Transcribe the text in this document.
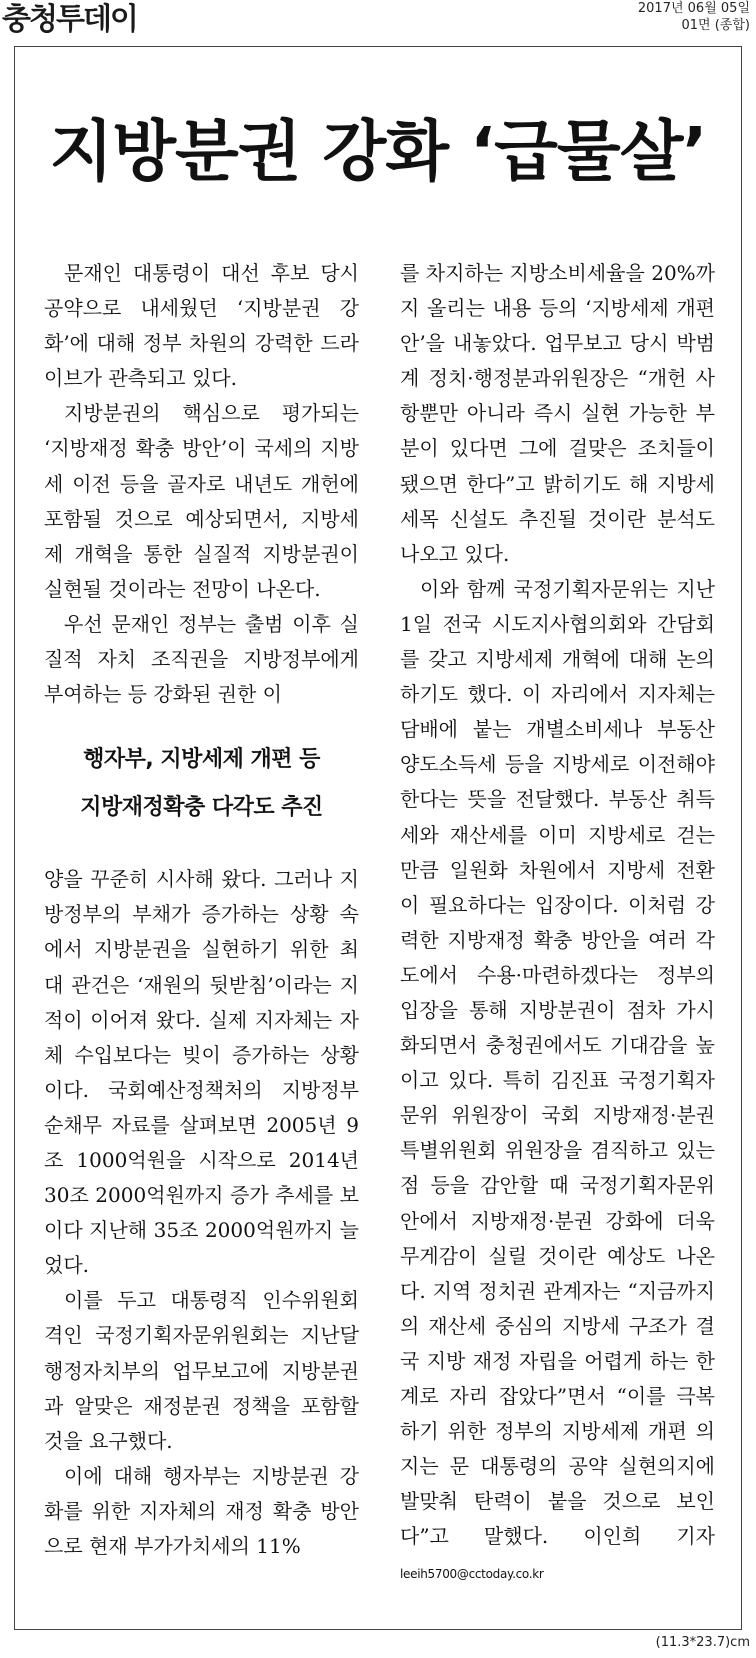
충청투데이	2017년 06월 05일
01면 (종합)
지방분권 강화 ‘급물살’

문재인 대통령이 대선 후보 당시 공약으로 내세웠던 ‘지방분권 강화’에 대해 정부 차원의 강력한 드라이브가 관측되고 있다.

지방분권의 핵심으로 평가되는 ‘지방재정 확충 방안’이 국세의 지방세 이전 등을 골자로 내년도 개헌에 포함될 것으로 예상되면서, 지방세제 개혁을 통한 실질적 지방분권이 실현될 것이라는 전망이 나온다.

우선 문재인 정부는 출범 이후 실질적 자치 조직권을 지방정부에게 부여하는 등 강화된 권한 이

행자부, 지방세제 개편 등
지방재정확충 다각도 추진

양을 꾸준히 시사해 왔다. 그러나 지방정부의 부채가 증가하는 상황 속에서 지방분권을 실현하기 위한 최대 관건은 ‘재원의 뒷받침’이라는 지적이 이어져 왔다. 실제 지자체는 자체 수입보다는 빚이 증가하는 상황이다. 국회예산정책처의 지방정부 순채무 자료를 살펴보면 2005년 9조 1000억원을 시작으로 2014년 30조 2000억원까지 증가 추세를 보이다 지난해 35조 2000억원까지 늘었다.

이를 두고 대통령직 인수위원회 격인 국정기획자문위원회는 지난달 행정자치부의 업무보고에 지방분권과 알맞은 재정분권 정책을 포함할 것을 요구했다.

이에 대해 행자부는 지방분권 강화를 위한 지자체의 재정 확충 방안으로 현재 부가가치세의 11%

를 차지하는 지방소비세율을 20%까지 올리는 내용 등의 ‘지방세제 개편안’을 내놓았다. 업무보고 당시 박범계 정치·행정분과위원장은 “개헌 사항뿐만 아니라 즉시 실현 가능한 부분이 있다면 그에 걸맞은 조치들이 됐으면 한다”고 밝히기도 해 지방세 세목 신설도 추진될 것이란 분석도 나오고 있다.

이와 함께 국정기획자문위는 지난 1일 전국 시도지사협의회와 간담회를 갖고 지방세제 개혁에 대해 논의하기도 했다. 이 자리에서 지자체는 담배에 붙는 개별소비세나 부동산 양도소득세 등을 지방세로 이전해야 한다는 뜻을 전달했다. 부동산 취득세와 재산세를 이미 지방세로 걷는 만큼 일원화 차원에서 지방세 전환이 필요하다는 입장이다. 이처럼 강력한 지방재정 확충 방안을 여러 각도에서 수용·마련하겠다는 정부의 입장을 통해 지방분권이 점차 가시화되면서 충청권에서도 기대감을 높이고 있다. 특히 김진표 국정기획자문위 위원장이 국회 지방재정·분권특별위원회 위원장을 겸직하고 있는 점 등을 감안할 때 국정기획자문위 안에서 지방재정·분권 강화에 더욱 무게감이 실릴 것이란 예상도 나온다. 지역 정치권 관계자는 “지금까지의 재산세 중심의 지방세 구조가 결국 지방 재정 자립을 어렵게 하는 한계로 자리 잡았다”면서 “이를 극복하기 위한 정부의 지방세제 개편 의지는 문 대통령의 공약 실현의지에 발맞춰 탄력이 붙을 것으로 보인다”고 말했다. 이인희 기자 leeih5700@cctoday.co.kr

(11.3*23.7)cm
